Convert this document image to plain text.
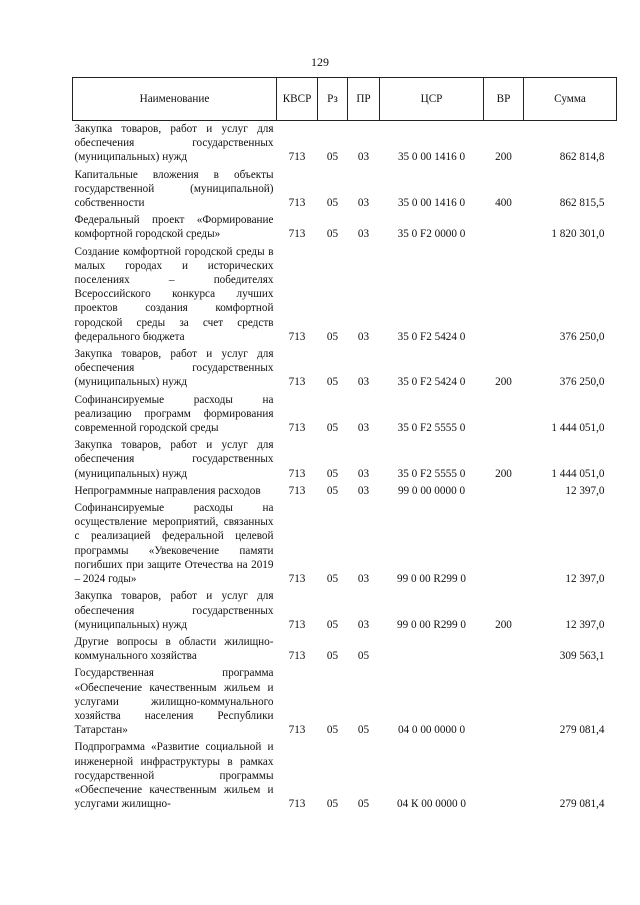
129
Наименование	КВСР	Рз	ПР	ЦСР	ВР	Сумма
Закупка товаров, работ и услуг для обеспечения государственных (муниципальных) нужд	713	05	03	35 0 00 1416 0	200	862 814,8
Капитальные вложения в объекты государственной (муниципальной) собственности	713	05	03	35 0 00 1416 0	400	862 815,5
Федеральный проект «Формирование комфортной городской среды»	713	05	03	35 0 F2 0000 0		1 820 301,0
Создание комфортной городской среды в малых городах и исторических поселениях – победителях Всероссийского конкурса лучших проектов создания комфортной городской среды за счет средств федерального бюджета	713	05	03	35 0 F2 5424 0		376 250,0
Закупка товаров, работ и услуг для обеспечения государственных (муниципальных) нужд	713	05	03	35 0 F2 5424 0	200	376 250,0
Софинансируемые расходы на реализацию программ формирования современной городской среды	713	05	03	35 0 F2 5555 0		1 444 051,0
Закупка товаров, работ и услуг для обеспечения государственных (муниципальных) нужд	713	05	03	35 0 F2 5555 0	200	1 444 051,0
Непрограммные направления расходов	713	05	03	99 0 00 0000 0		12 397,0
Софинансируемые расходы на осуществление мероприятий, связанных с реализацией федеральной целевой программы «Увековечение памяти погибших при защите Отечества на 2019 – 2024 годы»	713	05	03	99 0 00 R299 0		12 397,0
Закупка товаров, работ и услуг для обеспечения государственных (муниципальных) нужд	713	05	03	99 0 00 R299 0	200	12 397,0
Другие вопросы в области жилищно-коммунального хозяйства	713	05	05			309 563,1
Государственная программа «Обеспечение качественным жильем и услугами жилищно-коммунального хозяйства населения Республики Татарстан»	713	05	05	04 0 00 0000 0		279 081,4
Подпрограмма «Развитие социальной и инженерной инфраструктуры в рамках государственной программы «Обеспечение качественным жильем и услугами жилищно-	713	05	05	04 К 00 0000 0		279 081,4
